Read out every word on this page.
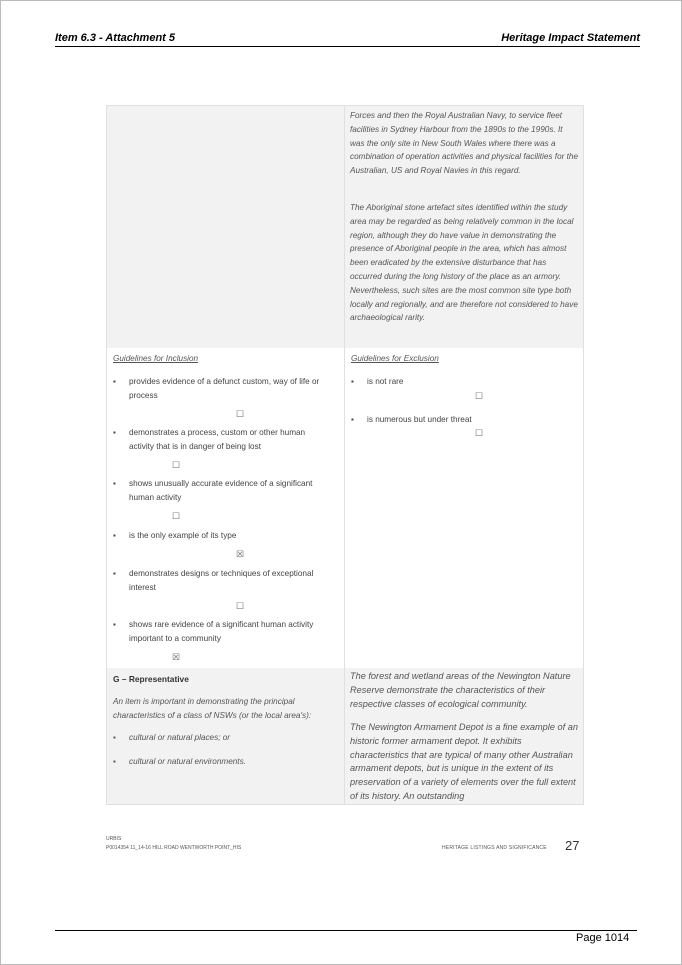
Item 6.3 - Attachment 5	Heritage Impact Statement

Forces and then the Royal Australian Navy, to service fleet facilities in Sydney Harbour from the 1890s to the 1990s. It was the only site in New South Wales where there was a combination of operation activities and physical facilities for the Australian, US and Royal Navies in this regard.

The Aboriginal stone artefact sites identified within the study area may be regarded as being relatively common in the local region, although they do have value in demonstrating the presence of Aboriginal people in the area, which has almost been eradicated by the extensive disturbance that has occurred during the long history of the place as an armory. Nevertheless, such sites are the most common site type both locally and regionally, and are therefore not considered to have archaeological rarity.

Guidelines for Inclusion
▪ provides evidence of a defunct custom, way of life or process
☐
▪ demonstrates a process, custom or other human activity that is in danger of being lost
☐
▪ shows unusually accurate evidence of a significant human activity
☐
▪ is the only example of its type
☒
▪ demonstrates designs or techniques of exceptional interest
☐
▪ shows rare evidence of a significant human activity important to a community
☒
Guidelines for Exclusion
▪ is not rare
☐
▪ is numerous but under threat
☐
G – Representative
An item is important in demonstrating the principal characteristics of a class of NSWs (or the local area's):
▪ cultural or natural places; or
▪ cultural or natural environments.

The forest and wetland areas of the Newington Nature Reserve demonstrate the characteristics of their respective classes of ecological community.

The Newington Armament Depot is a fine example of an historic former armament depot. It exhibits characteristics that are typical of many other Australian armament depots, but is unique in the extent of its preservation of a variety of elements over the full extent of its history. An outstanding

URBIS
P0014354 11_14-16 HILL ROAD WENTWORTH POINT_HIS	HERITAGE LISTINGS AND SIGNIFICANCE 27
Page 1014
